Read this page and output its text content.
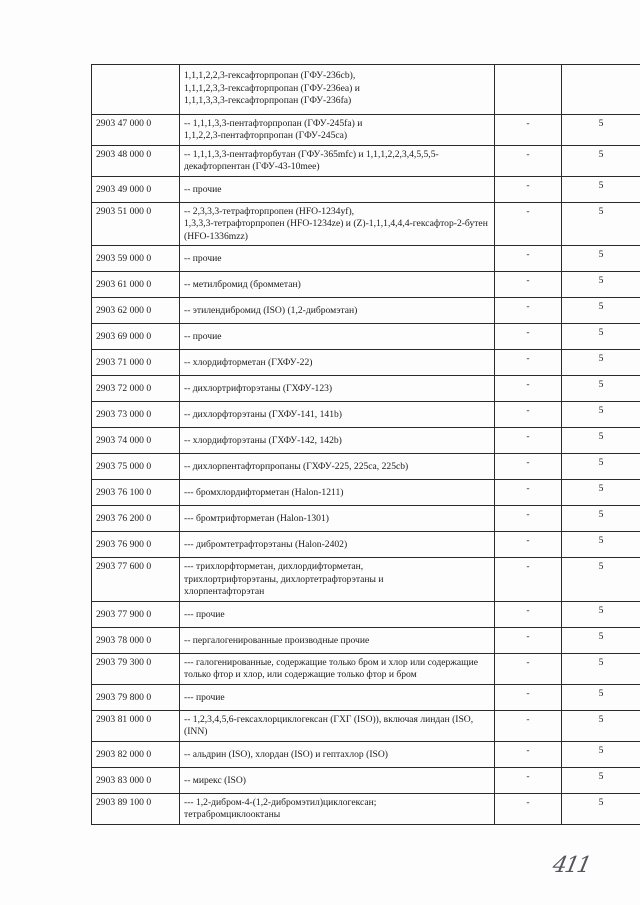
	1,1,1,2,2,3-гексафторпропан (ГФУ-236cb),
1,1,1,2,3,3-гексафторпропан (ГФУ-236ea) и
1,1,1,3,3,3-гексафторпропан (ГФУ-236fa)		
2903 47 000 0	-- 1,1,1,3,3-пентафторпропан (ГФУ-245fa) и
1,1,2,2,3-пентафторпропан (ГФУ-245ca)	-	5
2903 48 000 0	-- 1,1,1,3,3-пентафторбутан (ГФУ-365mfc) и 1,1,1,2,2,3,4,5,5,5-декафторпентан (ГФУ-43-10mee)	-	5
2903 49 000 0	-- прочие	-	5
2903 51 000 0	-- 2,3,3,3-тетрафторпропен (HFO-1234yf),
1,3,3,3-тетрафторпропен (HFO-1234ze) и (Z)-1,1,1,4,4,4-гексафтор-2-бутен (HFO-1336mzz)	-	5
2903 59 000 0	-- прочие	-	5
2903 61 000 0	-- метилбромид (бромметан)	-	5
2903 62 000 0	-- этилендибромид (ISO) (1,2-дибромэтан)	-	5
2903 69 000 0	-- прочие	-	5
2903 71 000 0	-- хлордифторметан (ГХФУ-22)	-	5
2903 72 000 0	-- дихлортрифторэтаны (ГХФУ-123)	-	5
2903 73 000 0	-- дихлорфторэтаны (ГХФУ-141, 141b)	-	5
2903 74 000 0	-- хлордифторэтаны (ГХФУ-142, 142b)	-	5
2903 75 000 0	-- дихлорпентафторпропаны (ГХФУ-225, 225ca, 225cb)	-	5
2903 76 100 0	--- бромхлордифторметан (Halon-1211)	-	5
2903 76 200 0	--- бромтрифторметан (Halon-1301)	-	5
2903 76 900 0	--- дибромтетрафторэтаны (Halon-2402)	-	5
2903 77 600 0	--- трихлорфторметан, дихлордифторметан,
трихлортрифторэтаны, дихлортетрафторэтаны и
хлорпентафторэтан	-	5
2903 77 900 0	--- прочие	-	5
2903 78 000 0	-- пергалогенированные производные прочие	-	5
2903 79 300 0	--- галогенированные, содержащие только бром и хлор или содержащие только фтор и хлор, или содержащие только фтор и бром	-	5
2903 79 800 0	--- прочие	-	5
2903 81 000 0	-- 1,2,3,4,5,6-гексахлорциклогексан (ГХГ (ISO)), включая линдан (ISO, (INN)	-	5
2903 82 000 0	-- альдрин (ISO), хлордан (ISO) и гептахлор (ISO)	-	5
2903 83 000 0	-- мирекс (ISO)	-	5
2903 89 100 0	--- 1,2-дибром-4-(1,2-дибромэтил)циклогексан;
тетрабромциклооктаны	-	5
411
